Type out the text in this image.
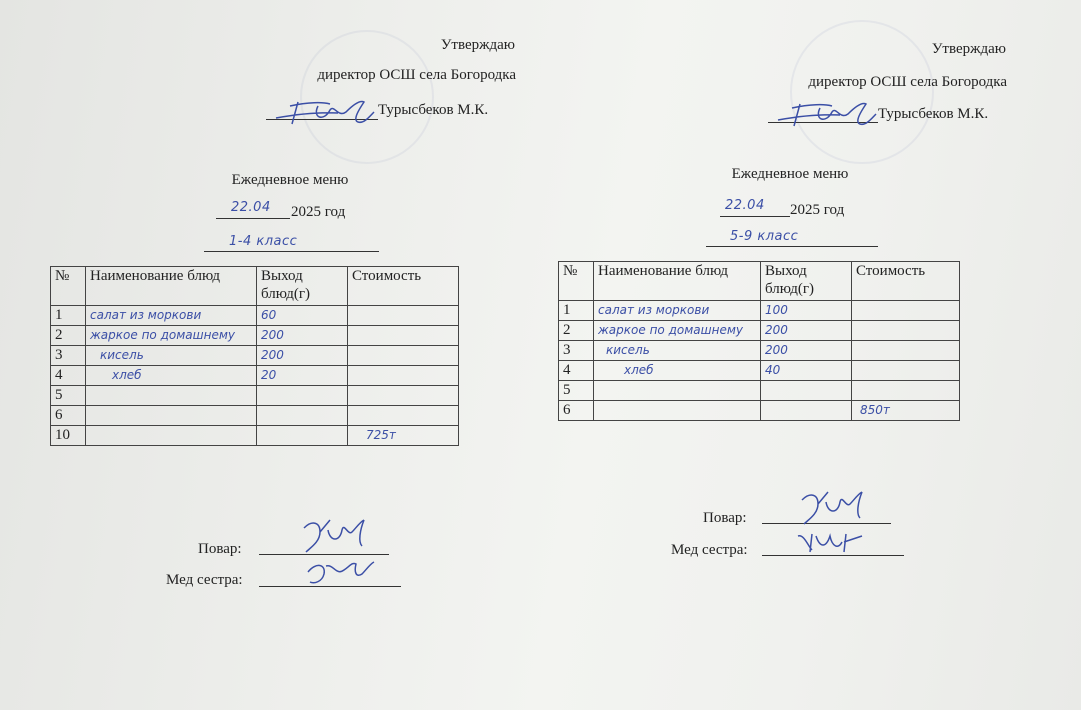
Утверждаю
директор ОСШ села Богородка
Турысбеков М.К.
Ежедневное меню
22.04 2025 год
1-4 класс
№	Наименование блюд	Выход блюд(г)	Стоимость
1	салат из моркови	60	
2	жаркое по домашнему	200	
3	кисель	200	
4	хлеб	20	
5			
6			
10			725т
Повар:
Мед сестра:
Утверждаю
директор ОСШ села Богородка
Турысбеков М.К.
Ежедневное меню
22.04 2025 год
5-9 класс
№	Наименование блюд	Выход блюд(г)	Стоимость
1	салат из моркови	100	
2	жаркое по домашнему	200	
3	кисель	200	
4	хлеб	40	
5			
6			850т
Повар:
Мед сестра:
